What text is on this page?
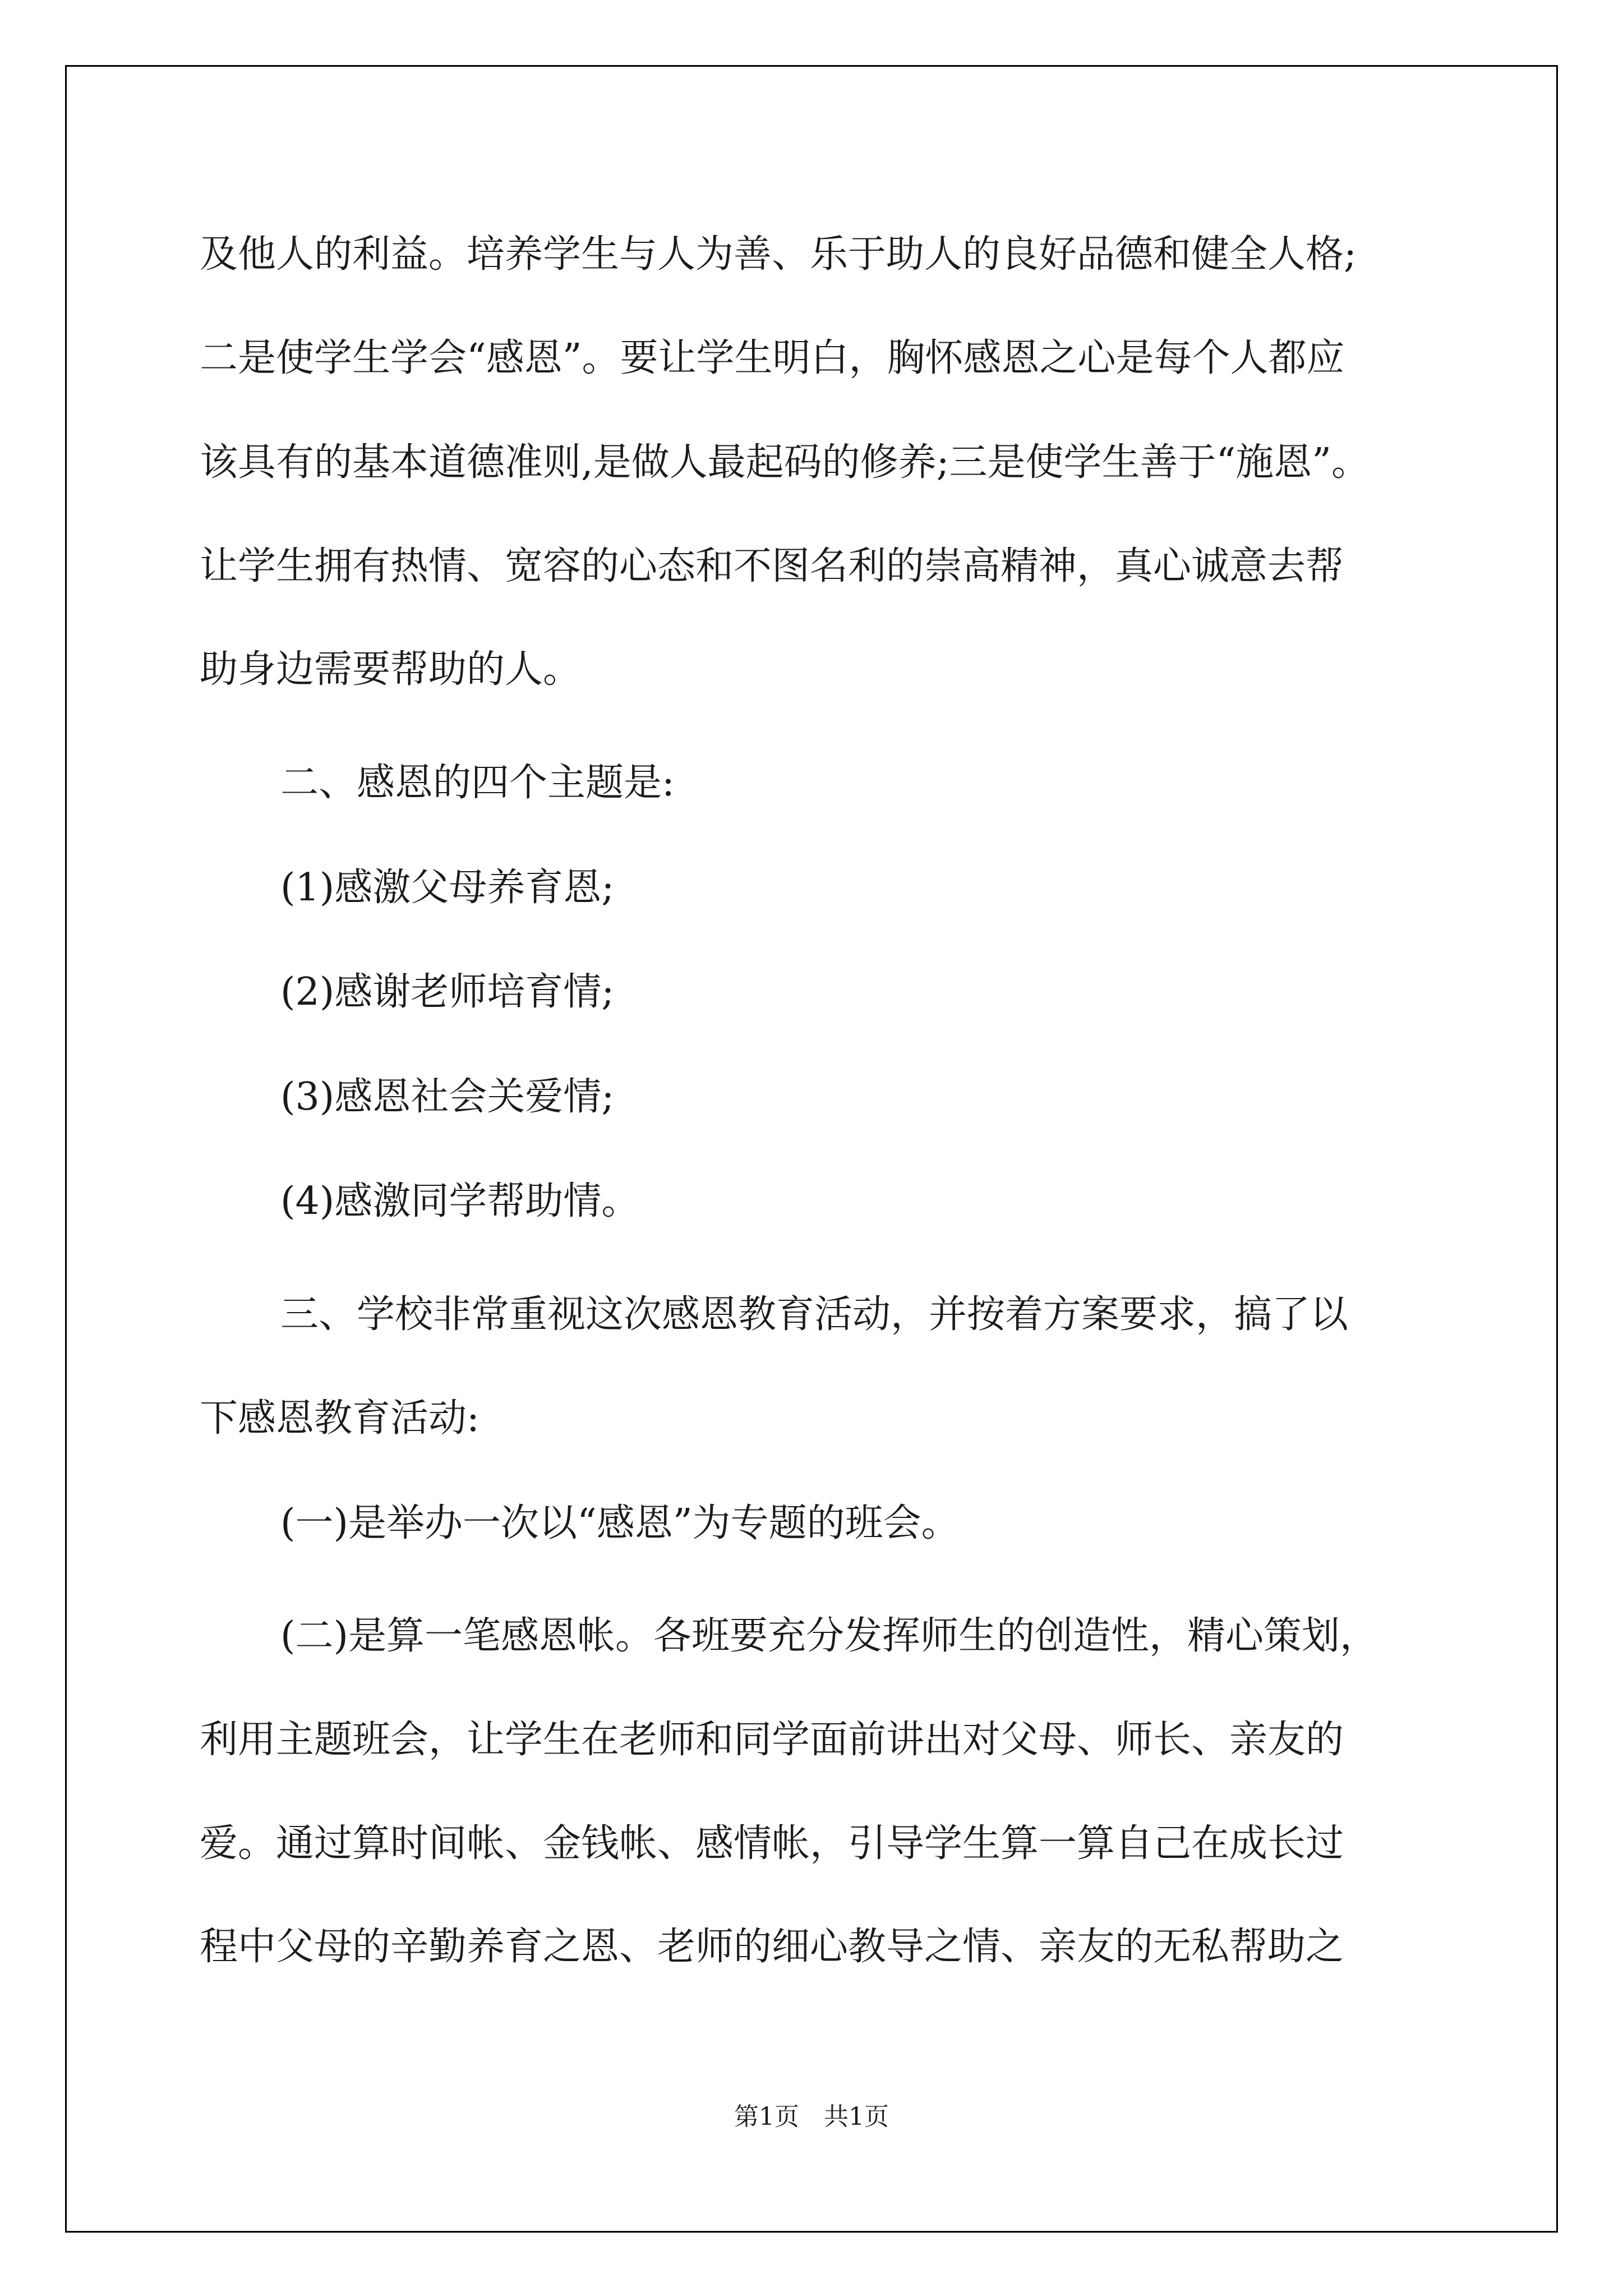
及他人的利益。培养学生与人为善、乐于助人的良好品德和健全人格;

二是使学生学会“感恩”。要让学生明白，胸怀感恩之心是每个人都应

该具有的基本道德准则,是做人最起码的修养;三是使学生善于“施恩”。

让学生拥有热情、宽容的心态和不图名利的崇高精神，真心诚意去帮

助身边需要帮助的人。

二、感恩的四个主题是:

(1)感激父母养育恩;

(2)感谢老师培育情;

(3)感恩社会关爱情;

(4)感激同学帮助情。

三、学校非常重视这次感恩教育活动，并按着方案要求，搞了以

下感恩教育活动:

(一)是举办一次以“感恩”为专题的班会。

(二)是算一笔感恩帐。各班要充分发挥师生的创造性，精心策划，

利用主题班会，让学生在老师和同学面前讲出对父母、师长、亲友的

爱。通过算时间帐、金钱帐、感情帐，引导学生算一算自己在成长过

程中父母的辛勤养育之恩、老师的细心教导之情、亲友的无私帮助之

第1页 共1页
